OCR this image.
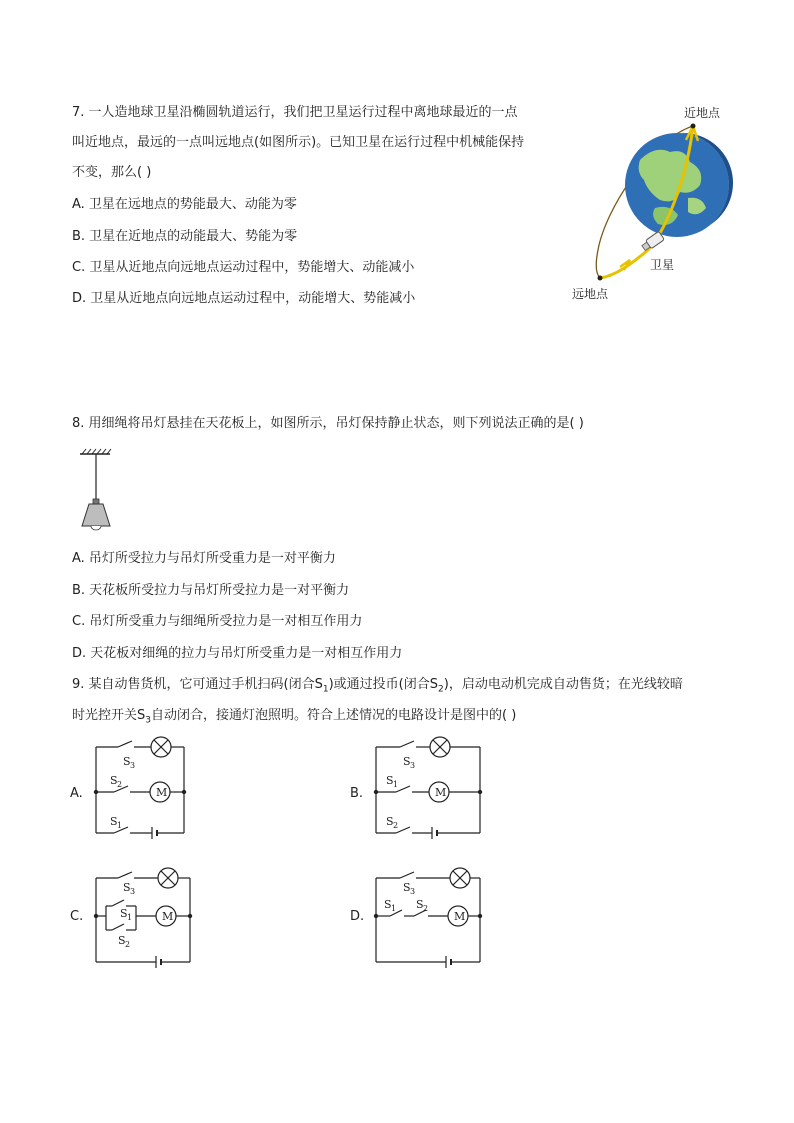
7. 一人造地球卫星沿椭圆轨道运行，我们把卫星运行过程中离地球最近的一点
叫近地点，最远的一点叫远地点(如图所示)。已知卫星在运行过程中机械能保持
不变，那么( )
A. 卫星在远地点的势能最大、动能为零
B. 卫星在近地点的动能最大、势能为零
C. 卫星从近地点向远地点运动过程中，势能增大、动能减小
D. 卫星从近地点向远地点运动过程中，动能增大、势能减小
近地点
远地点
卫星
8. 用细绳将吊灯悬挂在天花板上，如图所示，吊灯保持静止状态，则下列说法正确的是( )
A. 吊灯所受拉力与吊灯所受重力是一对平衡力
B. 天花板所受拉力与吊灯所受拉力是一对平衡力
C. 吊灯所受重力与细绳所受拉力是一对相互作用力
D. 天花板对细绳的拉力与吊灯所受重力是一对相互作用力
9. 某自动售货机，它可通过手机扫码(闭合$S_1$)或通过投币(闭合$S_2$)，启动电动机完成自动售货；在光线较暗
时光控开关$S_3$自动闭合，接通灯泡照明。符合上述情况的电路设计是图中的( )
S 3
M
S 2
S 1
A.
S 3
M
S 1
S 2
B.
S 3
M
S 1
S 2
C.
S 3
M
S 1 S 2
D.
